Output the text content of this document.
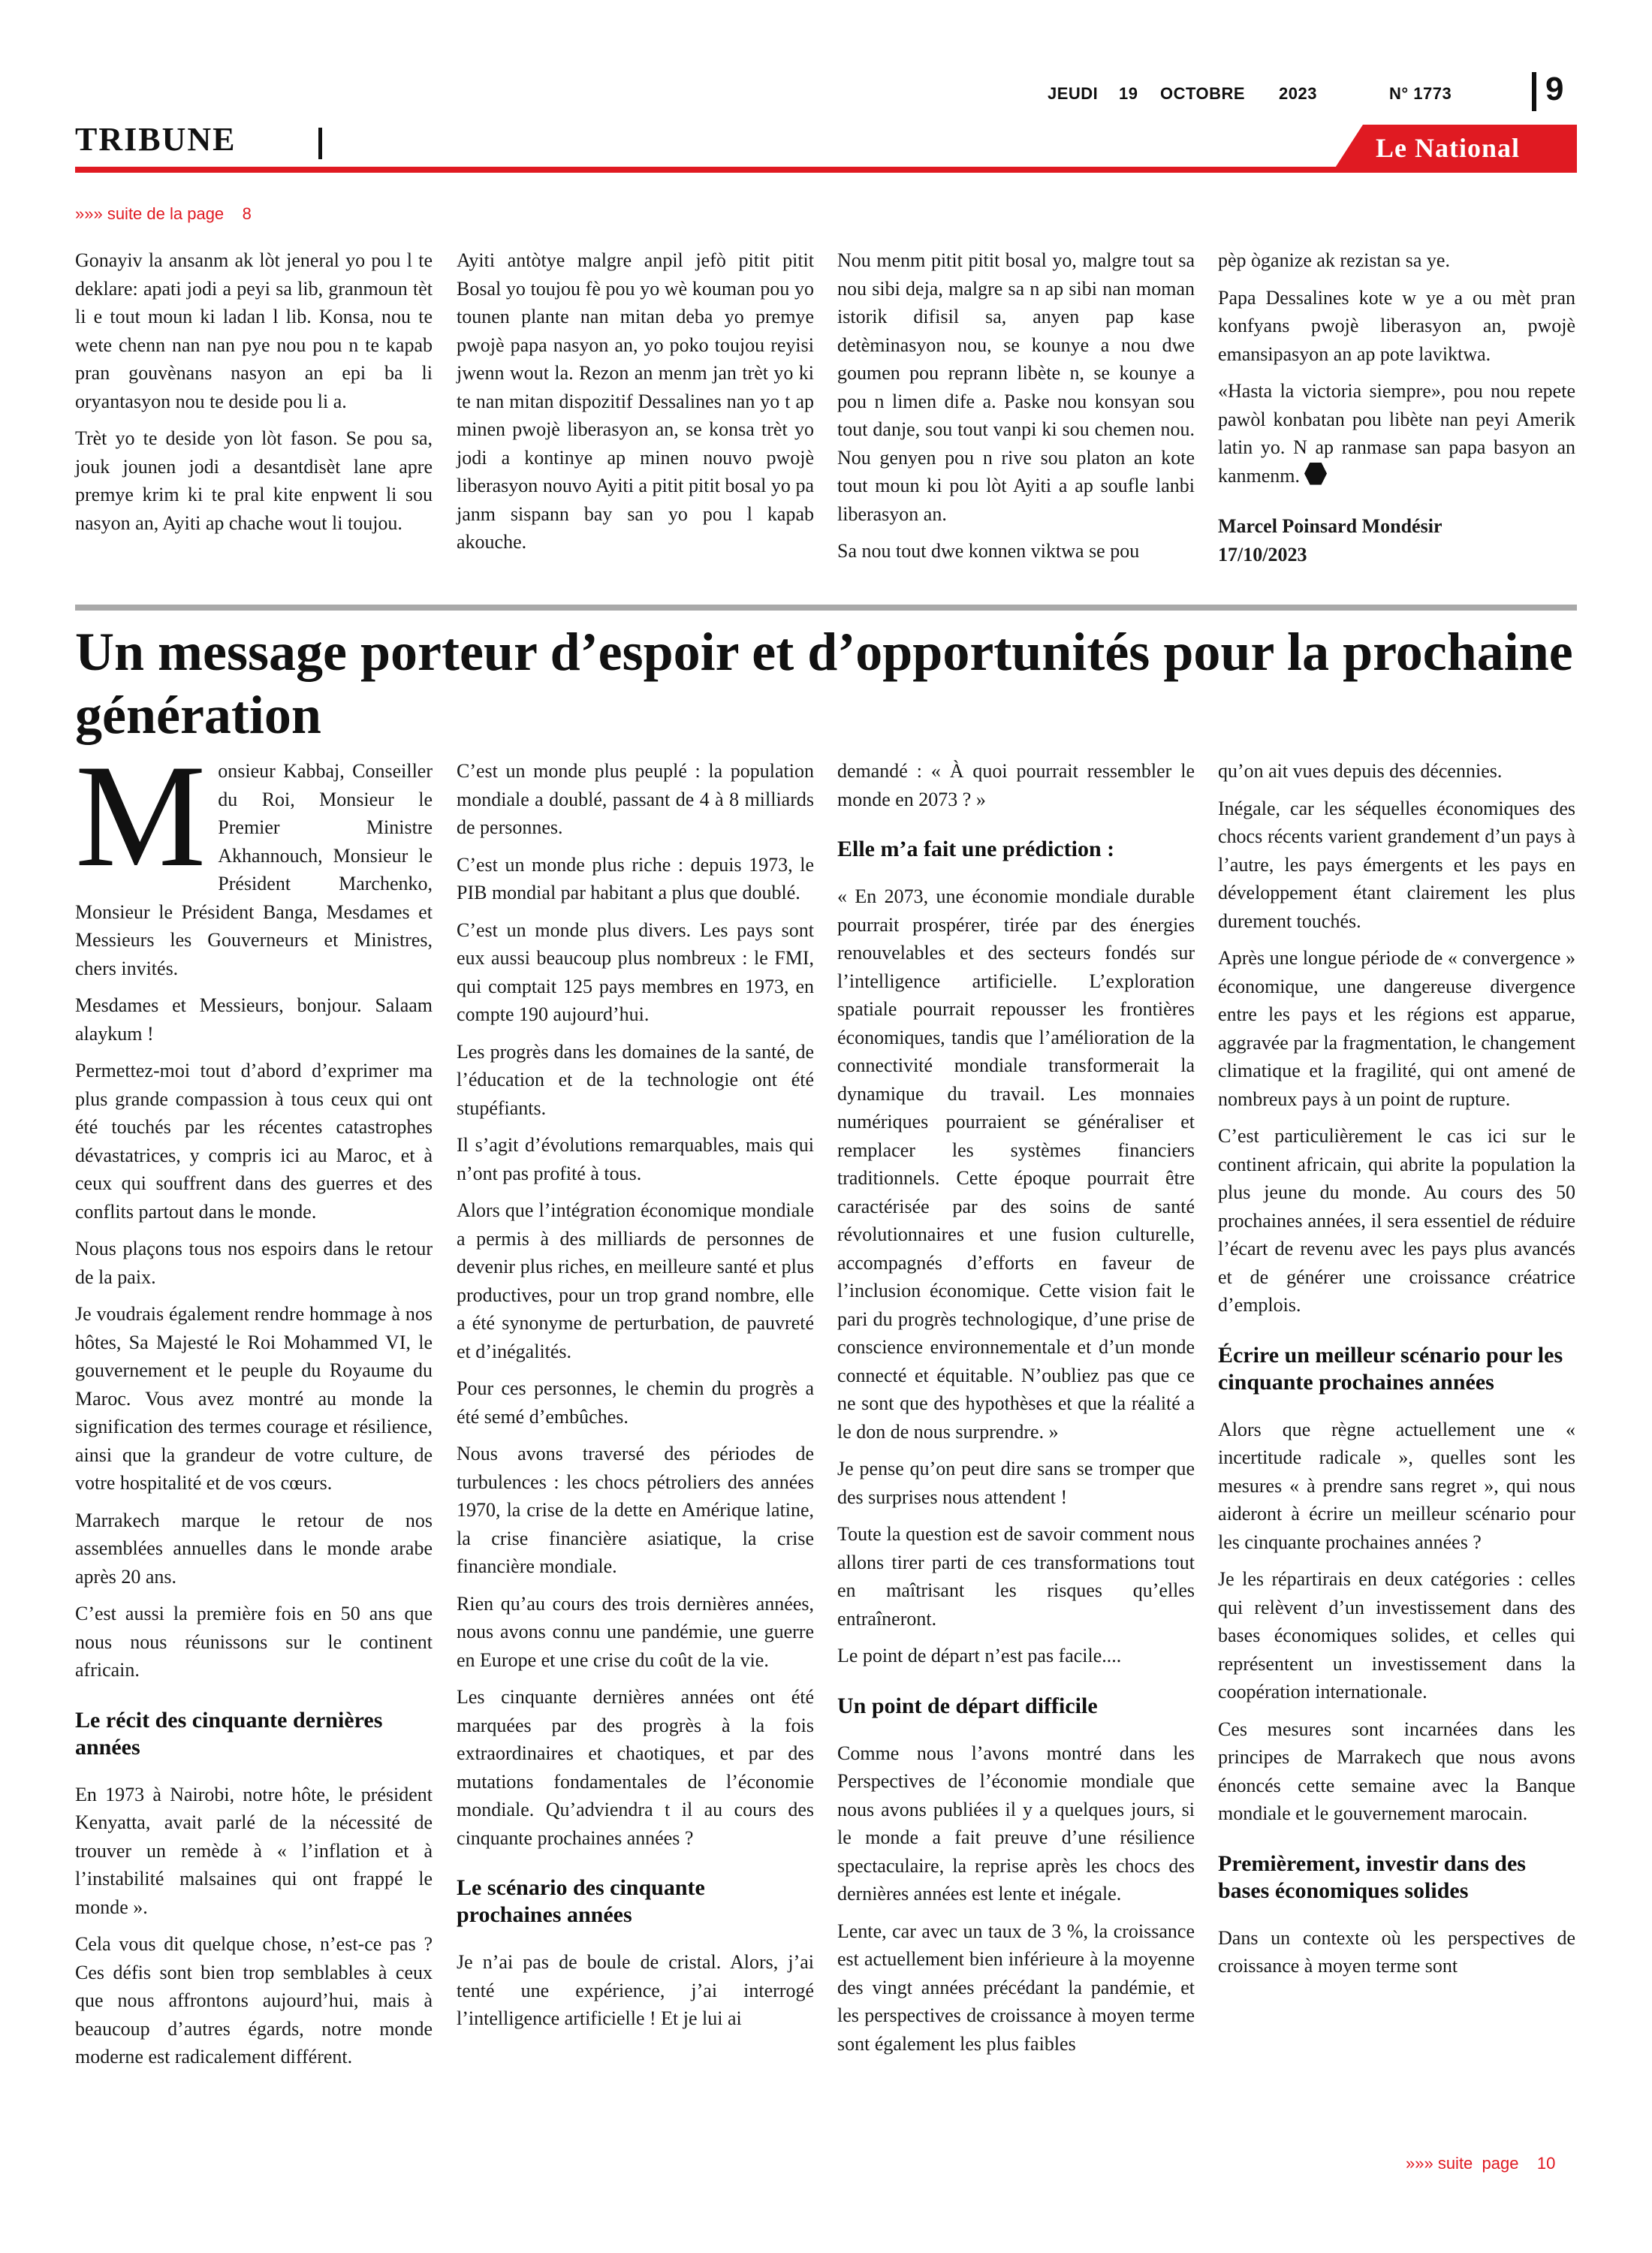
JEUDI 19 OCTOBRE 2023	N° 1773	9
TRIBUNE	Le National
»»» suite de la page    8

Gonayiv la ansanm ak lòt jeneral yo pou l te deklare: apati jodi a peyi sa lib, granmoun tèt li e tout moun ki ladan l lib. Konsa, nou te wete chenn nan nan pye nou pou n te kapab pran gouvènans nasyon an epi ba li oryantasyon nou te deside pou li a.

Trèt yo te deside yon lòt fason. Se pou sa, jouk jounen jodi a desantdisèt lane apre premye krim ki te pral kite enpwent li sou nasyon an, Ayiti ap chache wout li toujou.

Ayiti antòtye malgre anpil jefò pitit pitit Bosal yo toujou fè pou yo wè kouman pou yo tounen plante nan mitan deba yo premye pwojè papa nasyon an, yo poko toujou reyisi jwenn wout la. Rezon an menm jan trèt yo ki te nan mitan dispozitif Dessalines nan yo t ap minen pwojè liberasyon an, se konsa trèt yo jodi a kontinye ap minen nouvo pwojè liberasyon nouvo Ayiti a pitit pitit bosal yo pa janm sispann bay san yo pou l kapab akouche.

Nou menm pitit pitit bosal yo, malgre tout sa nou sibi deja, malgre sa n ap sibi nan moman istorik difisil sa, anyen pap kase detèminasyon nou, se kounye a nou dwe goumen pou reprann libète n, se kounye a pou n limen dife a. Paske nou konsyan sou tout danje, sou tout vanpi ki sou chemen nou. Nou genyen pou n rive sou platon an kote tout moun ki pou lòt Ayiti a ap soufle lanbi liberasyon an.

Sa nou tout dwe konnen viktwa se pou

pèp òganize ak rezistan sa ye.

Papa Dessalines kote w ye a ou mèt pran konfyans pwojè liberasyon an, pwojè emansipasyon an ap pote laviktwa.

«Hasta la victoria siempre», pou nou repete pawòl konbatan pou libète nan peyi Amerik latin yo. N ap ranmase san papa basyon an kanmenm.

Marcel Poinsard Mondésir

17/10/2023

Un message porteur d’espoir et d’opportunités pour la prochaine génération

Monsieur Kabbaj, Conseiller du Roi, Monsieur le Premier Ministre Akhannouch, Monsieur le Président Marchenko, Monsieur le Président Banga, Mesdames et Messieurs les Gouverneurs et Ministres, chers invités.

Mesdames et Messieurs, bonjour. Salaam alaykum !

Permettez-moi tout d’abord d’exprimer ma plus grande compassion à tous ceux qui ont été touchés par les récentes catastrophes dévastatrices, y compris ici au Maroc, et à ceux qui souffrent dans des guerres et des conflits partout dans le monde.

Nous plaçons tous nos espoirs dans le retour de la paix.

Je voudrais également rendre hommage à nos hôtes, Sa Majesté le Roi Mohammed VI, le gouvernement et le peuple du Royaume du Maroc. Vous avez montré au monde la signification des termes courage et résilience, ainsi que la grandeur de votre culture, de votre hospitalité et de vos cœurs.

Marrakech marque le retour de nos assemblées annuelles dans le monde arabe après 20 ans.

C’est aussi la première fois en 50 ans que nous nous réunissons sur le continent africain.

Le récit des cinquante dernières années

En 1973 à Nairobi, notre hôte, le président Kenyatta, avait parlé de la nécessité de trouver un remède à « l’inflation et à l’instabilité malsaines qui ont frappé le monde ».

Cela vous dit quelque chose, n’est-ce pas ? Ces défis sont bien trop semblables à ceux que nous affrontons aujourd’hui, mais à beaucoup d’autres égards, notre monde moderne est radicalement différent.

C’est un monde plus peuplé : la population mondiale a doublé, passant de 4 à 8 milliards de personnes.

C’est un monde plus riche : depuis 1973, le PIB mondial par habitant a plus que doublé.

C’est un monde plus divers. Les pays sont eux aussi beaucoup plus nombreux : le FMI, qui comptait 125 pays membres en 1973, en compte 190 aujourd’hui.

Les progrès dans les domaines de la santé, de l’éducation et de la technologie ont été stupéfiants.

Il s’agit d’évolutions remarquables, mais qui n’ont pas profité à tous.

Alors que l’intégration économique mondiale a permis à des milliards de personnes de devenir plus riches, en meilleure santé et plus productives, pour un trop grand nombre, elle a été synonyme de perturbation, de pauvreté et d’inégalités.

Pour ces personnes, le chemin du progrès a été semé d’embûches.

Nous avons traversé des périodes de turbulences : les chocs pétroliers des années 1970, la crise de la dette en Amérique latine, la crise financière asiatique, la crise financière mondiale.

Rien qu’au cours des trois dernières années, nous avons connu une pandémie, une guerre en Europe et une crise du coût de la vie.

Les cinquante dernières années ont été marquées par des progrès à la fois extraordinaires et chaotiques, et par des mutations fondamentales de l’économie mondiale. Qu’adviendra t il au cours des cinquante prochaines années ?

Le scénario des cinquante prochaines années

Je n’ai pas de boule de cristal. Alors, j’ai tenté une expérience, j’ai interrogé l’intelligence artificielle ! Et je lui ai

demandé : « À quoi pourrait ressembler le monde en 2073 ? »

Elle m’a fait une prédiction :

« En 2073, une économie mondiale durable pourrait prospérer, tirée par des énergies renouvelables et des secteurs fondés sur l’intelligence artificielle. L’exploration spatiale pourrait repousser les frontières économiques, tandis que l’amélioration de la connectivité mondiale transformerait la dynamique du travail. Les monnaies numériques pourraient se généraliser et remplacer les systèmes financiers traditionnels. Cette époque pourrait être caractérisée par des soins de santé révolutionnaires et une fusion culturelle, accompagnés d’efforts en faveur de l’inclusion économique. Cette vision fait le pari du progrès technologique, d’une prise de conscience environnementale et d’un monde connecté et équitable. N’oubliez pas que ce ne sont que des hypothèses et que la réalité a le don de nous surprendre. »

Je pense qu’on peut dire sans se tromper que des surprises nous attendent !

Toute la question est de savoir comment nous allons tirer parti de ces transformations tout en maîtrisant les risques qu’elles entraîneront.

Le point de départ n’est pas facile....

Un point de départ difficile

Comme nous l’avons montré dans les Perspectives de l’économie mondiale que nous avons publiées il y a quelques jours, si le monde a fait preuve d’une résilience spectaculaire, la reprise après les chocs des dernières années est lente et inégale.

Lente, car avec un taux de 3 %, la croissance est actuellement bien inférieure à la moyenne des vingt années précédant la pandémie, et les perspectives de croissance à moyen terme sont également les plus faibles

qu’on ait vues depuis des décennies.

Inégale, car les séquelles économiques des chocs récents varient grandement d’un pays à l’autre, les pays émergents et les pays en développement étant clairement les plus durement touchés.

Après une longue période de « convergence » économique, une dangereuse divergence entre les pays et les régions est apparue, aggravée par la fragmentation, le changement climatique et la fragilité, qui ont amené de nombreux pays à un point de rupture.

C’est particulièrement le cas ici sur le continent africain, qui abrite la population la plus jeune du monde. Au cours des 50 prochaines années, il sera essentiel de réduire l’écart de revenu avec les pays plus avancés et de générer une croissance créatrice d’emplois.

Écrire un meilleur scénario pour les cinquante prochaines années

Alors que règne actuellement une « incertitude radicale », quelles sont les mesures « à prendre sans regret », qui nous aideront à écrire un meilleur scénario pour les cinquante prochaines années ?

Je les répartirais en deux catégories : celles qui relèvent d’un investissement dans des bases économiques solides, et celles qui représentent un investissement dans la coopération internationale.

Ces mesures sont incarnées dans les principes de Marrakech que nous avons énoncés cette semaine avec la Banque mondiale et le gouvernement marocain.

Premièrement, investir dans des bases économiques solides

Dans un contexte où les perspectives de croissance à moyen terme sont

»»» suite  page    10
